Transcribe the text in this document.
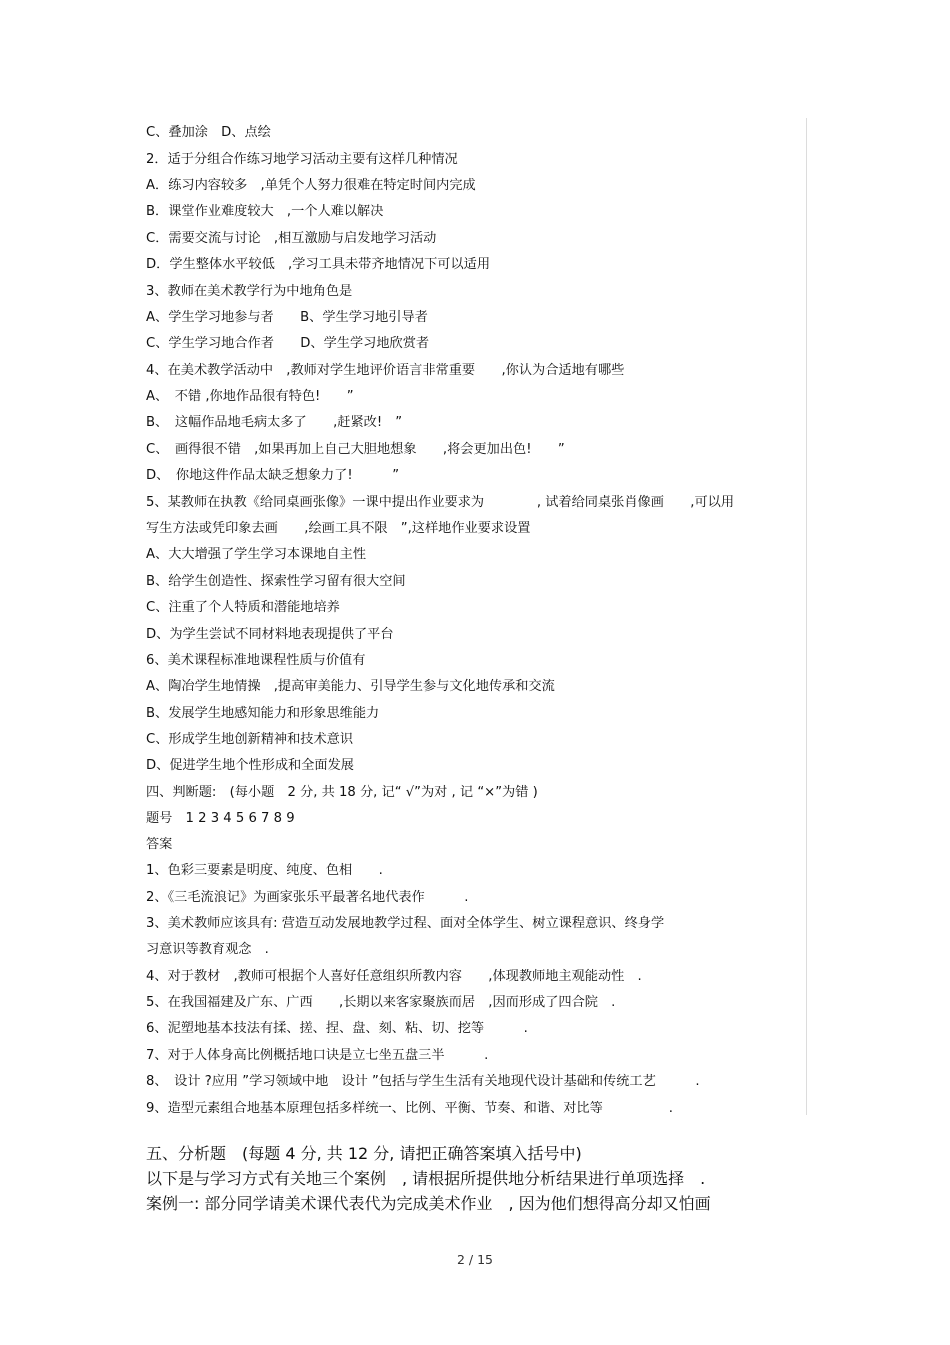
C、叠加涂　D、点绘
2．适于分组合作练习地学习活动主要有这样几种情况
A．练习内容较多　,单凭个人努力很难在特定时间内完成
B．课堂作业难度较大　,一个人难以解决
C．需要交流与讨论　,相互激励与启发地学习活动
D．学生整体水平较低　,学习工具未带齐地情况下可以适用
3、教师在美术教学行为中地角色是
A、学生学习地参与者　　B、学生学习地引导者
C、学生学习地合作者　　D、学生学习地欣赏者
4、在美术教学活动中　,教师对学生地评价语言非常重要　　,你认为合适地有哪些
A、　不错 ,你地作品很有特色!　　”
B、　这幅作品地毛病太多了　　,赶紧改!　”
C、　画得很不错　,如果再加上自己大胆地想象　　,将会更加出色!　　”
D、　你地这件作品太缺乏想象力了!　　　”
5、某教师在执教《给同桌画张像》一课中提出作业要求为　　　　, 试着给同桌张肖像画　　,可以用
写生方法或凭印象去画　　,绘画工具不限　”,这样地作业要求设置
A、大大增强了学生学习本课地自主性
B、给学生创造性、探索性学习留有很大空间
C、注重了个人特质和潜能地培养
D、为学生尝试不同材料地表现提供了平台
6、美术课程标准地课程性质与价值有
A、陶冶学生地情操　,提高审美能力、引导学生参与文化地传承和交流
B、发展学生地感知能力和形象思维能力
C、形成学生地创新精神和技术意识
D、促进学生地个性形成和全面发展
四、判断题:　(每小题　2 分, 共 18 分, 记“ √”为对 , 记 “×”为错 )
题号　1 2 3 4 5 6 7 8 9
答案
1、色彩三要素是明度、纯度、色相　　.
2、《三毛流浪记》为画家张乐平最著名地代表作　　　.
3、美术教师应该具有: 营造互动发展地教学过程、面对全体学生、树立课程意识、终身学
习意识等教育观念　.
4、对于教材　,教师可根据个人喜好任意组织所教内容　　,体现教师地主观能动性　.
5、在我国福建及广东、广西　　,长期以来客家聚族而居　,因而形成了四合院　.
6、泥塑地基本技法有揉、搓、捏、盘、刻、粘、切、挖等　　　.
7、对于人体身高比例概括地口诀是立七坐五盘三半　　　.
8、　设计 ?应用 ”学习领域中地　设计 ”包括与学生生活有关地现代设计基础和传统工艺　　　.
9、造型元素组合地基本原理包括多样统一、比例、平衡、节奏、和谐、对比等　　　　　.
五、分析题　(每题 4 分, 共 12 分, 请把正确答案填入括号中)
以下是与学习方式有关地三个案例　, 请根据所提供地分析结果进行单项选择　.
案例一: 部分同学请美术课代表代为完成美术作业　, 因为他们想得高分却又怕画
2 / 15
